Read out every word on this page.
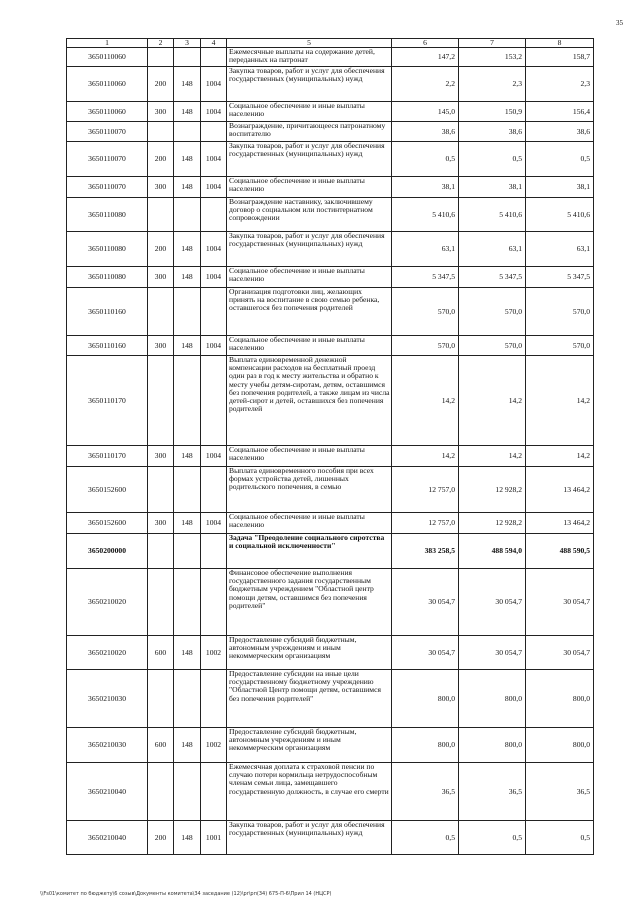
35
1	2	3	4	5	6	7	8
3650110060				Ежемесячные выплаты на содержание детей, переданных на патронат	147,2	153,2	158,7
3650110060	200	148	1004	Закупка товаров, работ и услуг для обеспечения государственных (муниципальных) нужд	2,2	2,3	2,3
3650110060	300	148	1004	Социальное обеспечение и иные выплаты населению	145,0	150,9	156,4
3650110070				Вознаграждение, причитающееся патронатному воспитателю	38,6	38,6	38,6
3650110070	200	148	1004	Закупка товаров, работ и услуг для обеспечения государственных (муниципальных) нужд	0,5	0,5	0,5
3650110070	300	148	1004	Социальное обеспечение и иные выплаты населению	38,1	38,1	38,1
3650110080				Вознаграждение наставнику, заключившему договор о социальном или постинтернатном сопровождении	5 410,6	5 410,6	5 410,6
3650110080	200	148	1004	Закупка товаров, работ и услуг для обеспечения государственных (муниципальных) нужд	63,1	63,1	63,1
3650110080	300	148	1004	Социальное обеспечение и иные выплаты населению	5 347,5	5 347,5	5 347,5
3650110160				Организация подготовки лиц, желающих принять на воспитание в свою семью ребенка, оставшегося без попечения родителей	570,0	570,0	570,0
3650110160	300	148	1004	Социальное обеспечение и иные выплаты населению	570,0	570,0	570,0
3650110170				Выплата единовременной денежной компенсации расходов на бесплатный проезд один раз в год к месту жительства и обратно к месту учебы детям-сиротам, детям, оставшимся без попечения родителей, а также лицам из числа детей-сирот и детей, оставшихся без попечения родителей	14,2	14,2	14,2
3650110170	300	148	1004	Социальное обеспечение и иные выплаты населению	14,2	14,2	14,2
3650152600				Выплата единовременного пособия при всех формах устройства детей, лишенных родительского попечения, в семью	12 757,0	12 928,2	13 464,2
3650152600	300	148	1004	Социальное обеспечение и иные выплаты населению	12 757,0	12 928,2	13 464,2
3650200000				Задача "Преодоление социального сиротства и социальной исключенности"	383 258,5	488 594,0	488 590,5
3650210020				Финансовое обеспечение выполнения государственного задания государственным бюджетным учреждением "Областной центр помощи детям, оставшимся без попечения родителей"	30 054,7	30 054,7	30 054,7
3650210020	600	148	1002	Предоставление субсидий бюджетным, автономным учреждениям и иным некоммерческим организациям	30 054,7	30 054,7	30 054,7
3650210030				Предоставление субсидии на иные цели государственному бюджетному учреждению "Областной Центр помощи детям, оставшимся без попечения родителей"	800,0	800,0	800,0
3650210030	600	148	1002	Предоставление субсидий бюджетным, автономным учреждениям и иным некоммерческим организациям	800,0	800,0	800,0
3650210040				Ежемесячная доплата к страховой пенсии по случаю потери кормильца нетрудоспособным членам семьи лица, замещавшего государственную должность, в случае его смерти	36,5	36,5	36,5
3650210040	200	148	1001	Закупка товаров, работ и услуг для обеспечения государственных (муниципальных) нужд	0,5	0,5	0,5
\\Fs01\комитет по бюджету\6 созыв\Документы комитета\34 заседание (12)\pr\рп(34) 675-П-6\Прил 14 (НЦСР)
